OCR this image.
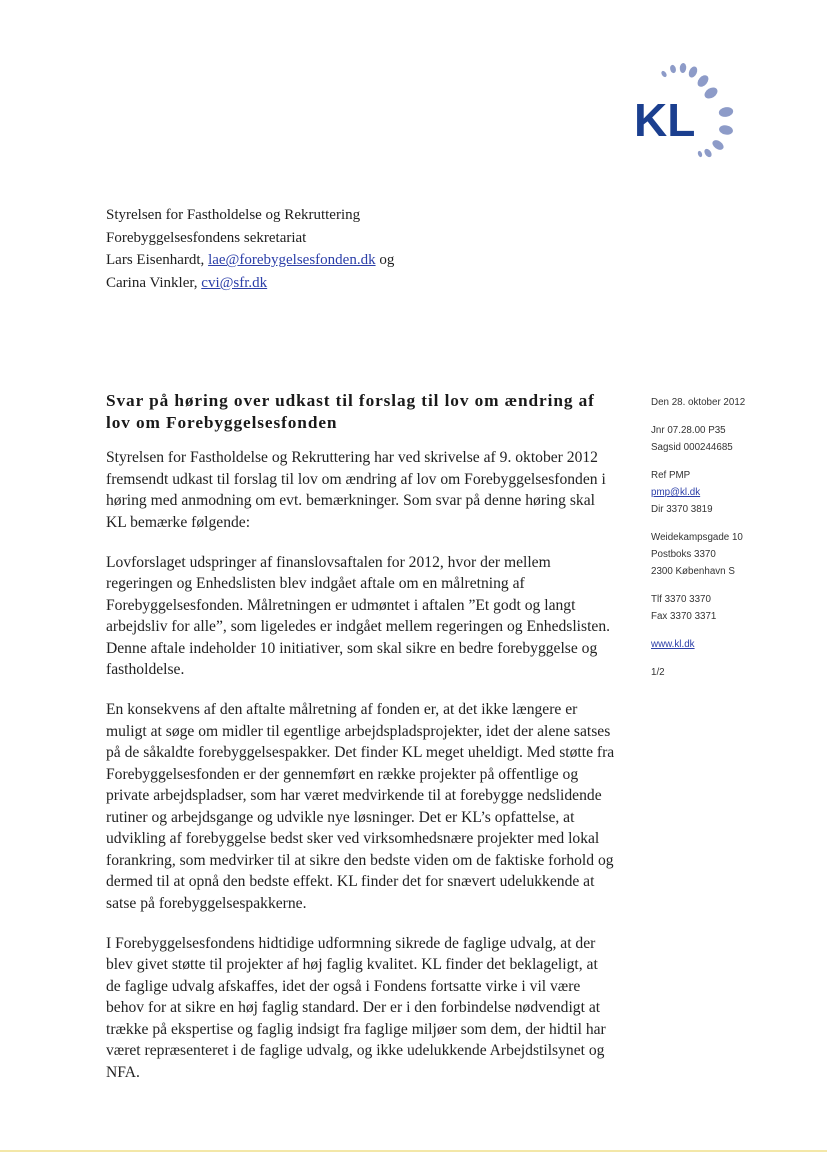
KL
Styrelsen for Fastholdelse og Rekruttering
Forebyggelsesfondens sekretariat
Lars Eisenhardt, lae@forebygelsesfonden.dk og
Carina Vinkler, cvi@sfr.dk
Svar på høring over udkast til forslag til lov om ændring af lov om Forebyggelsesfonden

Styrelsen for Fastholdelse og Rekruttering har ved skrivelse af 9. oktober 2012 fremsendt udkast til forslag til lov om ændring af lov om Forebyggelsesfonden i høring med anmodning om evt. bemærkninger. Som svar på denne høring skal KL bemærke følgende:

Lovforslaget udspringer af finanslovsaftalen for 2012, hvor der mellem regeringen og Enhedslisten blev indgået aftale om en målretning af Forebyggelsesfonden. Målretningen er udmøntet i aftalen ”Et godt og langt arbejdsliv for alle”, som ligeledes er indgået mellem regeringen og Enhedslisten. Denne aftale indeholder 10 initiativer, som skal sikre en bedre forebyggelse og fastholdelse.

En konsekvens af den aftalte målretning af fonden er, at det ikke længere er muligt at søge om midler til egentlige arbejdspladsprojekter, idet der alene satses på de såkaldte forebyggelsespakker. Det finder KL meget uheldigt. Med støtte fra Forebyggelsesfonden er der gennemført en række projekter på offentlige og private arbejdspladser, som har været medvirkende til at forebygge nedslidende rutiner og arbejdsgange og udvikle nye løsninger. Det er KL’s opfattelse, at udvikling af forebyggelse bedst sker ved virksomhedsnære projekter med lokal forankring, som medvirker til at sikre den bedste viden om de faktiske forhold og dermed til at opnå den bedste effekt. KL finder det for snævert udelukkende at satse på forebyggelsespakkerne.

I Forebyggelsesfondens hidtidige udformning sikrede de faglige udvalg, at der blev givet støtte til projekter af høj faglig kvalitet. KL finder det beklageligt, at de faglige udvalg afskaffes, idet der også i Fondens fortsatte virke i vil være behov for at sikre en høj faglig standard. Der er i den forbindelse nødvendigt at trække på ekspertise og faglig indsigt fra faglige miljøer som dem, der hidtil har været repræsenteret i de faglige udvalg, og ikke udelukkende Arbejdstilsynet og NFA.

Den 28. oktober 2012
Jnr 07.28.00 P35
Sagsid 000244685
Ref PMP
pmp@kl.dk
Dir 3370 3819
Weidekampsgade 10
Postboks 3370
2300 København S
Tlf 3370 3370
Fax 3370 3371
www.kl.dk
1/2
